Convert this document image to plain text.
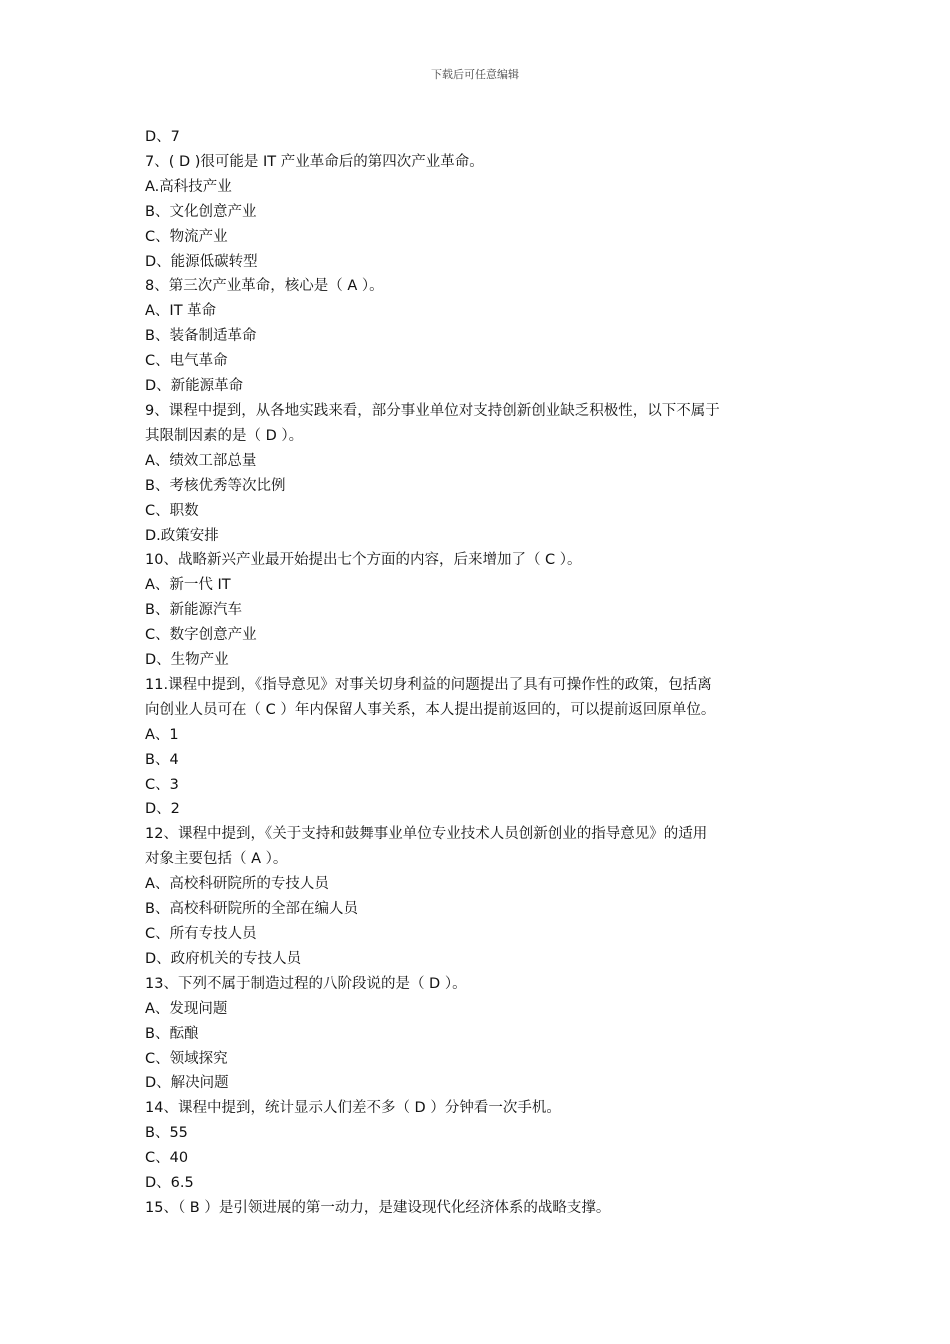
下载后可任意编辑

D、7

7、( D )很可能是 IT 产业革命后的第四次产业革命。

A.高科技产业

B、文化创意产业

C、物流产业

D、能源低碳转型

8、第三次产业革命，核心是（ A ）。

A、IT 革命

B、装备制适革命

C、电气革命

D、新能源革命

9、课程中提到，从各地实践来看，部分事业单位对支持创新创业缺乏积极性，以下不属于

其限制因素的是（ D ）。

A、绩效工部总量

B、考核优秀等次比例

C、职数

D.政策安排

10、战略新兴产业最开始提出七个方面的内容，后来增加了（ C ）。

A、新一代 IT

B、新能源汽车

C、数字创意产业

D、生物产业

11.课程中提到，《指导意见》对事关切身利益的问题提出了具有可操作性的政策，包括离

向创业人员可在（ C ）年内保留人事关系，本人提出提前返回的，可以提前返回原单位。

A、1

B、4

C、3

D、2

12、课程中提到，《关于支持和鼓舞事业单位专业技术人员创新创业的指导意见》的适用

对象主要包括（ A ）。

A、高校科研院所的专技人员

B、高校科研院所的全部在编人员

C、所有专技人员

D、政府机关的专技人员

13、下列不属于制造过程的八阶段说的是（ D ）。

A、发现问题

B、酝酿

C、领域探究

D、解决问题

14、课程中提到，统计显示人们差不多（ D ）分钟看一次手机。

B、55

C、40

D、6.5

15、（ B ）是引领进展的第一动力，是建设现代化经济体系的战略支撑。
